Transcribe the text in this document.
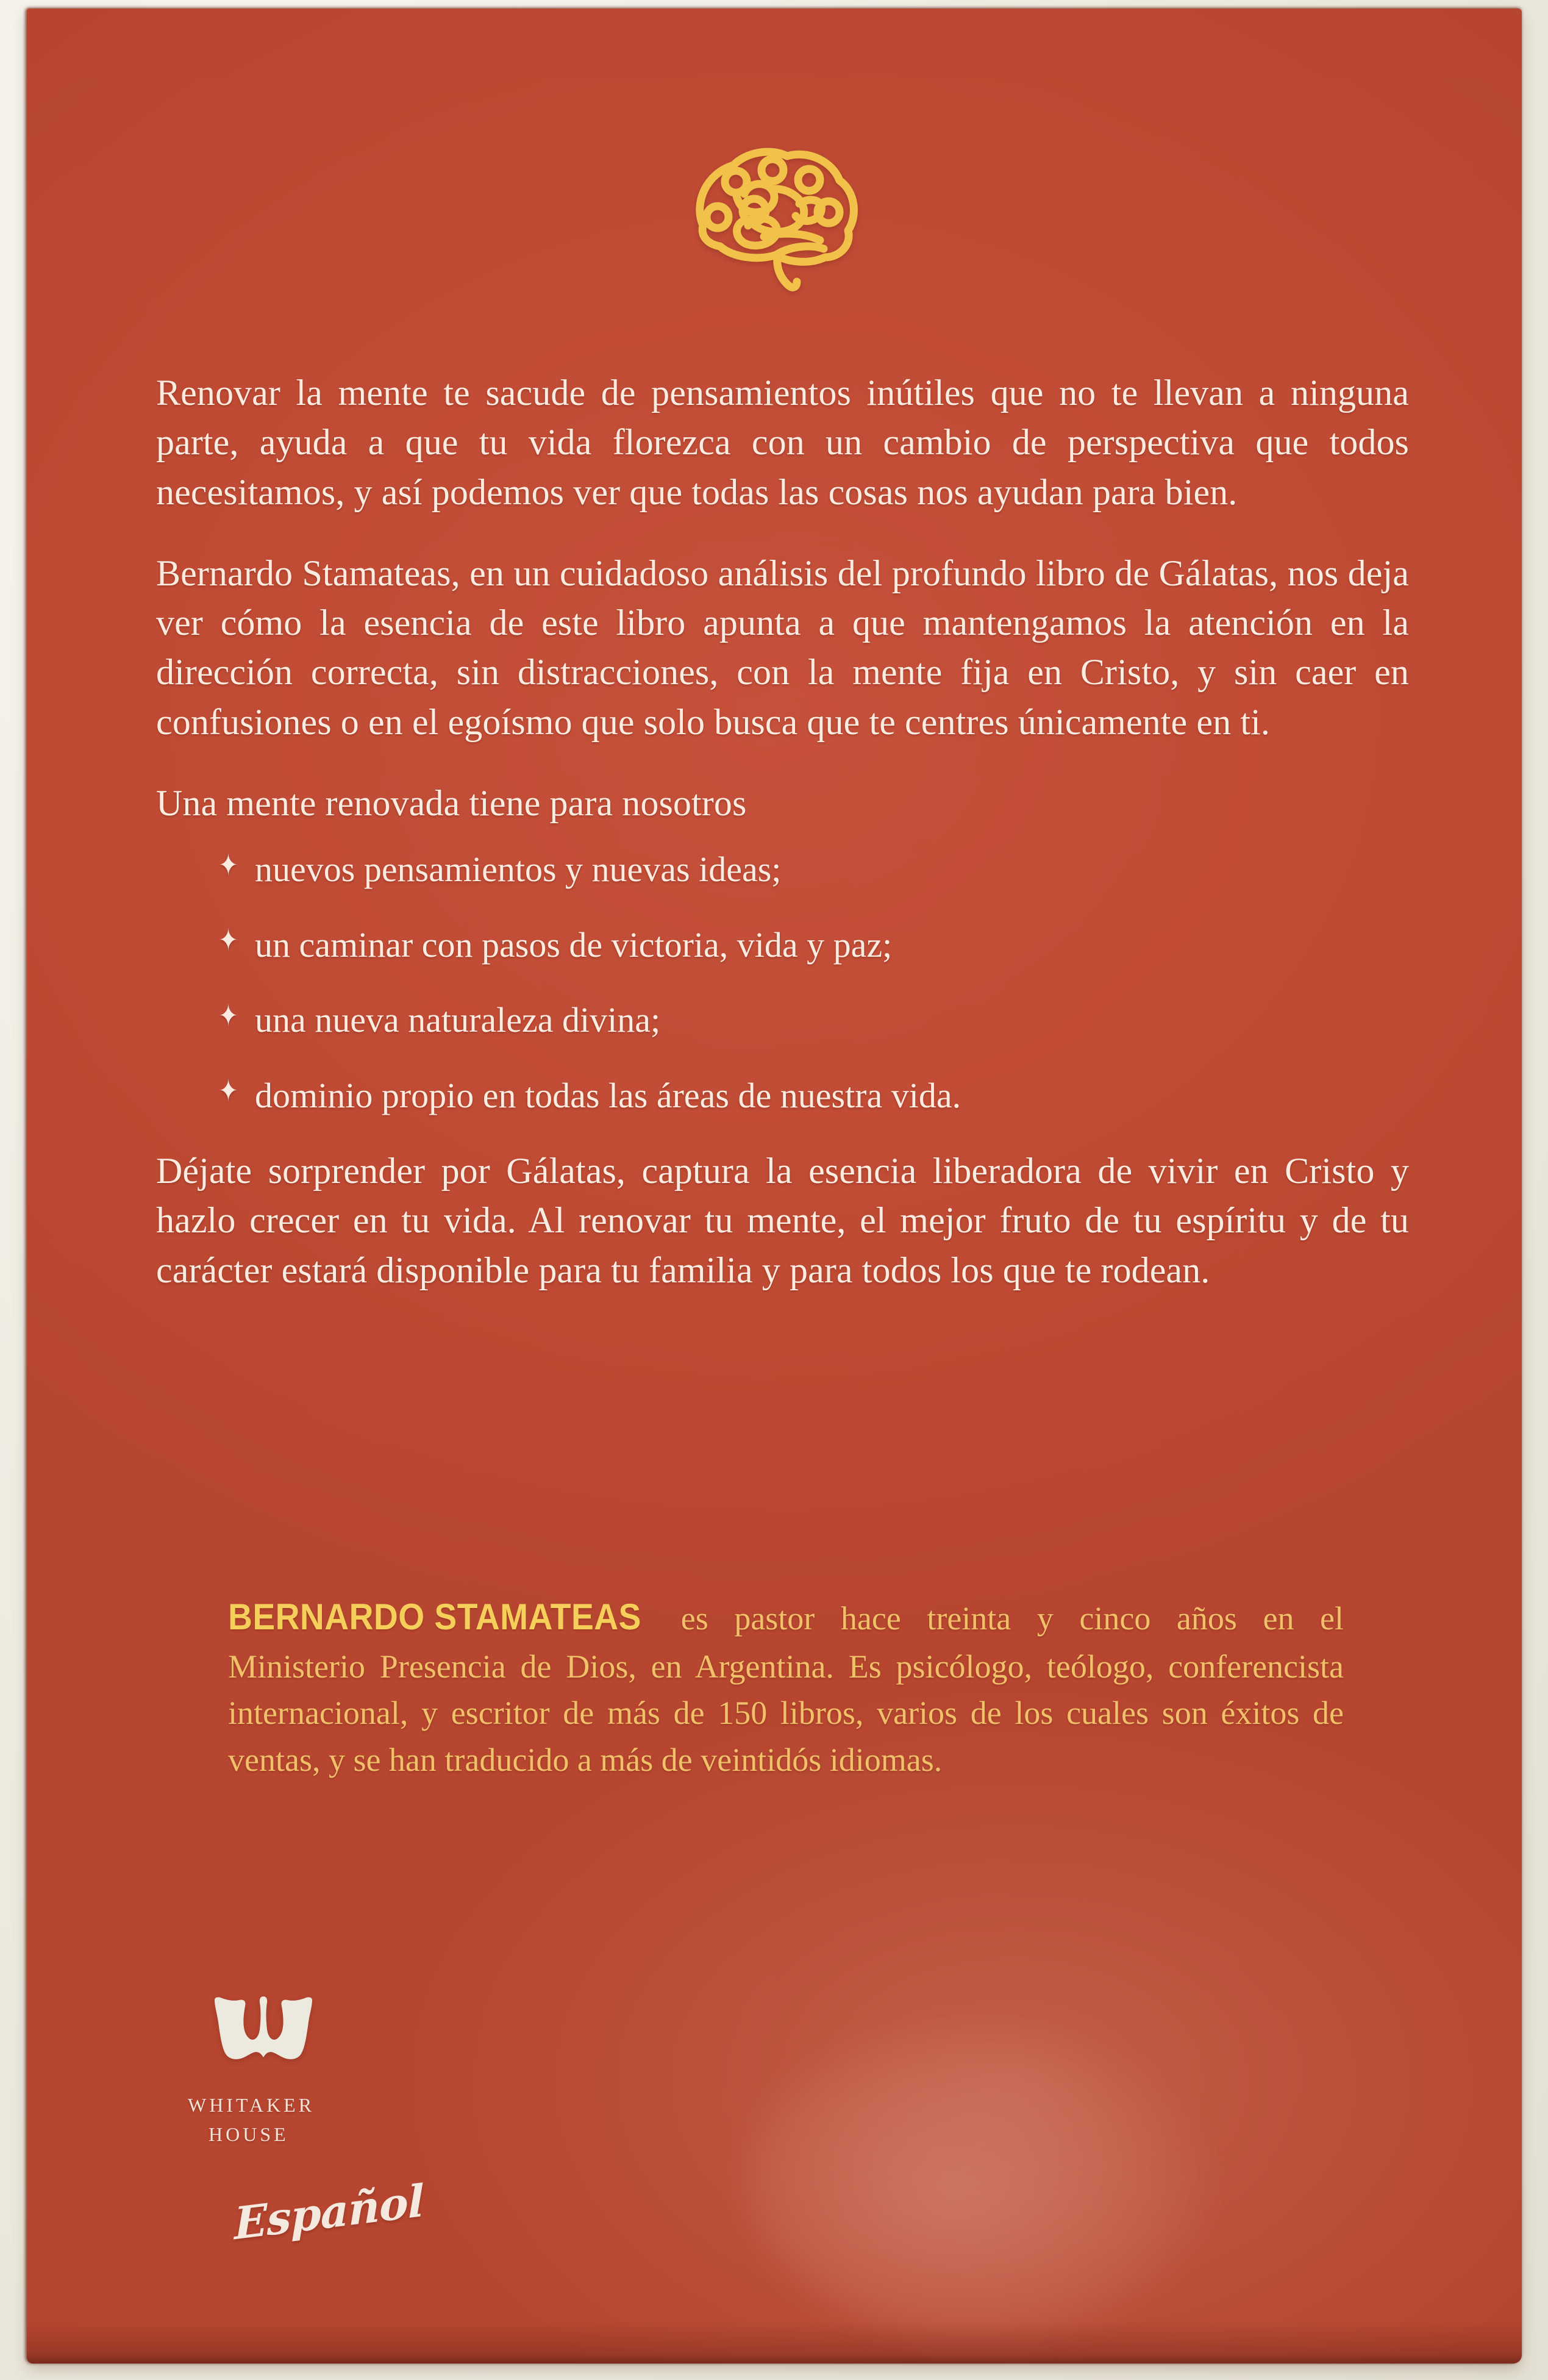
Renovar la mente te sacude de pensamientos inútiles que no te llevan a ninguna parte, ayuda a que tu vida florezca con un cambio de perspectiva que todos necesitamos, y así podemos ver que todas las cosas nos ayudan para bien.

Bernardo Stamateas, en un cuidadoso análisis del profundo libro de Gálatas, nos deja ver cómo la esencia de este libro apunta a que mantengamos la atención en la dirección correcta, sin distracciones, con la mente fija en Cristo, y sin caer en confusiones o en el egoísmo que solo busca que te centres únicamente en ti.

Una mente renovada tiene para nosotros

✦ nuevos pensamientos y nuevas ideas;
✦ un caminar con pasos de victoria, vida y paz;
✦ una nueva naturaleza divina;
✦ dominio propio en todas las áreas de nuestra vida.

Déjate sorprender por Gálatas, captura la esencia liberadora de vivir en Cristo y hazlo crecer en tu vida. Al renovar tu mente, el mejor fruto de tu espíritu y de tu carácter estará disponible para tu familia y para todos los que te rodean.

BERNARDO STAMATEAS es pastor hace treinta y cinco años en el Ministerio Presencia de Dios, en Argentina. Es psicólogo, teólogo, conferencista internacional, y escritor de más de 150 libros, varios de los cuales son éxitos de ventas, y se han traducido a más de veintidós idiomas.
whitaker
house
Español
